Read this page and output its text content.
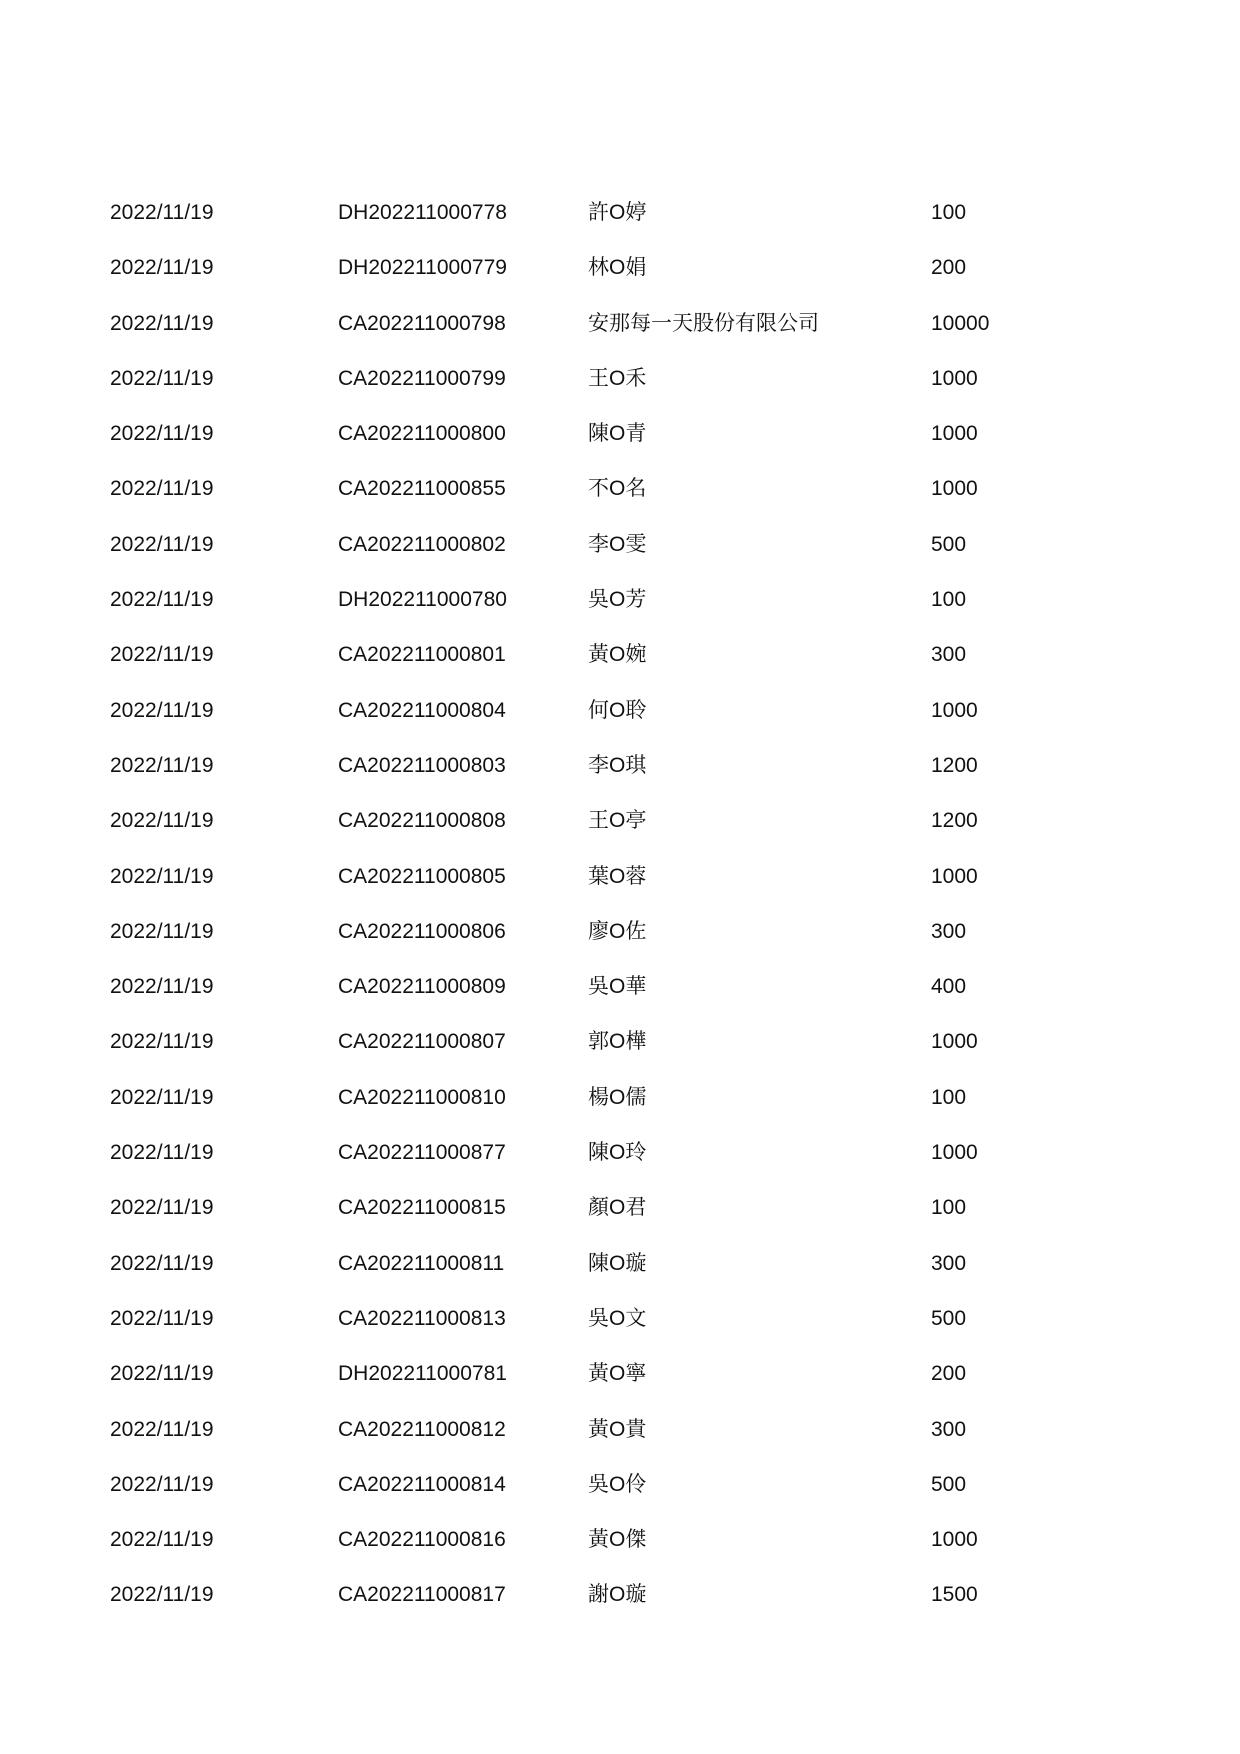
2022/11/19	DH202211000778	許O婷	100
2022/11/19	DH202211000779	林O娟	200
2022/11/19	CA202211000798	安那每一天股份有限公司	10000
2022/11/19	CA202211000799	王O禾	1000
2022/11/19	CA202211000800	陳O青	1000
2022/11/19	CA202211000855	不O名	1000
2022/11/19	CA202211000802	李O雯	500
2022/11/19	DH202211000780	吳O芳	100
2022/11/19	CA202211000801	黃O婉	300
2022/11/19	CA202211000804	何O聆	1000
2022/11/19	CA202211000803	李O琪	1200
2022/11/19	CA202211000808	王O亭	1200
2022/11/19	CA202211000805	葉O蓉	1000
2022/11/19	CA202211000806	廖O佐	300
2022/11/19	CA202211000809	吳O華	400
2022/11/19	CA202211000807	郭O樺	1000
2022/11/19	CA202211000810	楊O儒	100
2022/11/19	CA202211000877	陳O玲	1000
2022/11/19	CA202211000815	顏O君	100
2022/11/19	CA202211000811	陳O璇	300
2022/11/19	CA202211000813	吳O文	500
2022/11/19	DH202211000781	黃O寧	200
2022/11/19	CA202211000812	黃O貴	300
2022/11/19	CA202211000814	吳O伶	500
2022/11/19	CA202211000816	黃O傑	1000
2022/11/19	CA202211000817	謝O璇	1500
